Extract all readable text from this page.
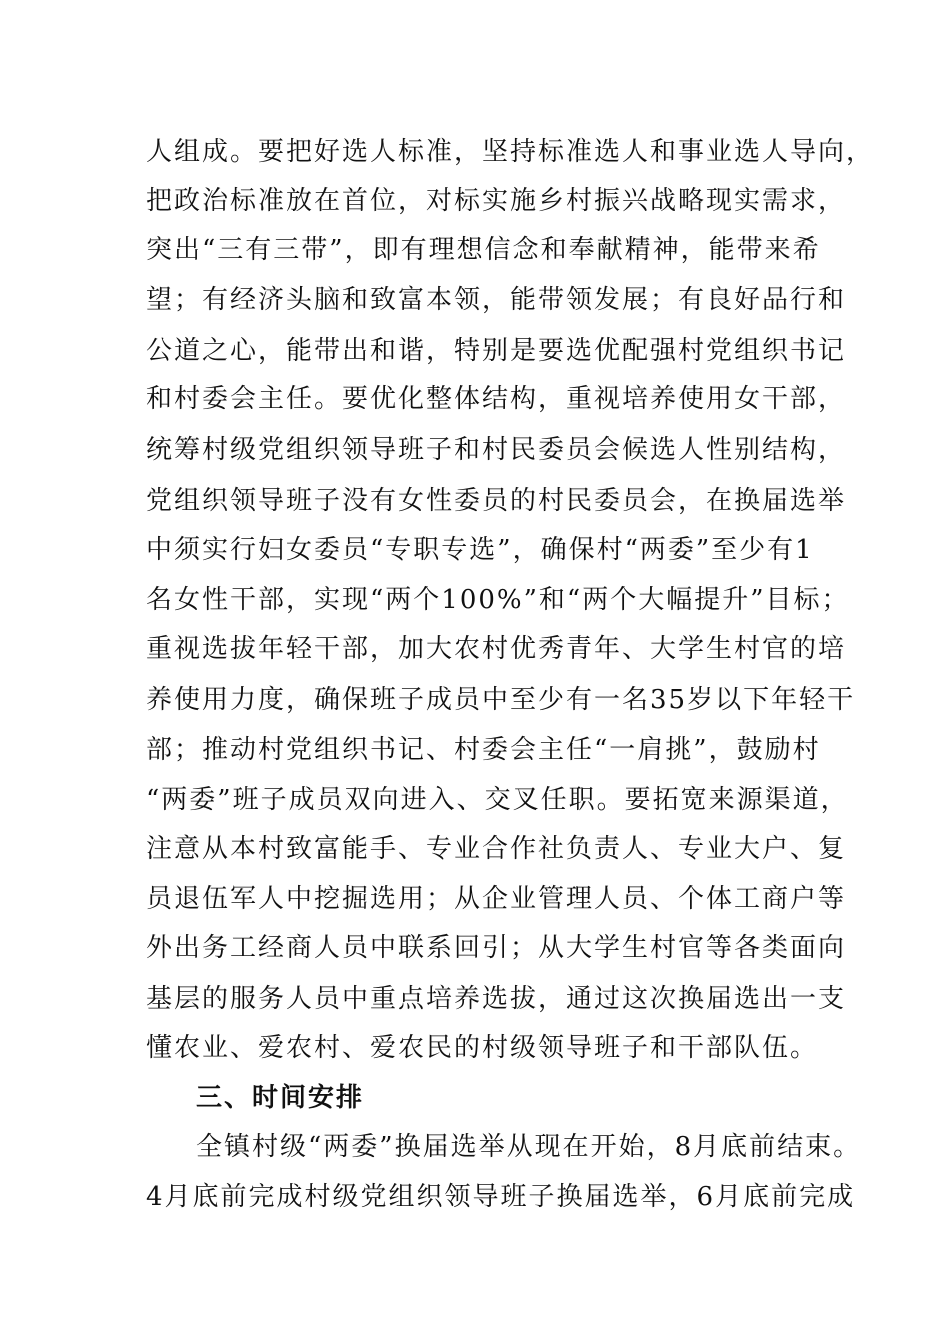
人组成。要把好选人标准，坚持标准选人和事业选人导向，
把政治标准放在首位，对标实施乡村振兴战略现实需求，
突出“三有三带”，即有理想信念和奉献精神，能带来希
望；有经济头脑和致富本领，能带领发展；有良好品行和
公道之心，能带出和谐，特别是要选优配强村党组织书记
和村委会主任。要优化整体结构，重视培养使用女干部，
统筹村级党组织领导班子和村民委员会候选人性别结构，
党组织领导班子没有女性委员的村民委员会，在换届选举
中须实行妇女委员“专职专选”，确保村“两委”至少有1
名女性干部，实现“两个100%”和“两个大幅提升”目标；
重视选拔年轻干部，加大农村优秀青年、大学生村官的培
养使用力度，确保班子成员中至少有一名35岁以下年轻干
部；推动村党组织书记、村委会主任“一肩挑”，鼓励村
“两委”班子成员双向进入、交叉任职。要拓宽来源渠道，
注意从本村致富能手、专业合作社负责人、专业大户、复
员退伍军人中挖掘选用；从企业管理人员、个体工商户等
外出务工经商人员中联系回引；从大学生村官等各类面向
基层的服务人员中重点培养选拔，通过这次换届选出一支
懂农业、爱农村、爱农民的村级领导班子和干部队伍。
三、时间安排
全镇村级“两委”换届选举从现在开始，8月底前结束。
4月底前完成村级党组织领导班子换届选举，6月底前完成
